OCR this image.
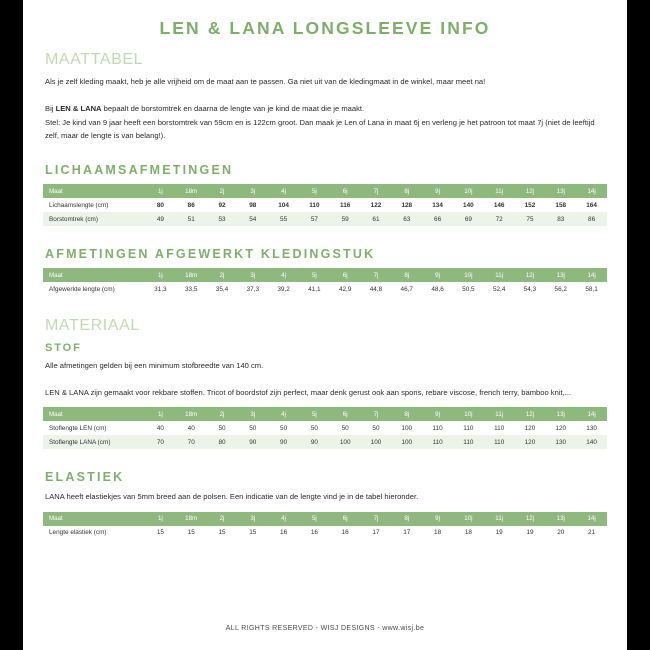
LEN & LANA LONGSLEEVE INFO
MAATTABEL

Als je zelf kleding maakt, heb je alle vrijheid om de maat aan te passen. Ga niet uit van de kledingmaat in de winkel, maar meet na!

Bij LEN & LANA bepaalt de borstomtrek en daarna de lengte van je kind de maat die je maakt.

Stel: Je kind van 9 jaar heeft een borstomtrek van 59cm en is 122cm groot. Dan maak je Len of Lana in maat 6j en verleng je het patroon tot maat 7j (niet de leeftijd zelf, maar de lengte is van belang!).

LICHAAMSAFMETINGEN
Maat	1j	18m	2j	3j	4j	5j	6j	7j	8j	9j	10j	11j	12j	13j	14j
Lichaamslengte (cm)	80	86	92	98	104	110	116	122	128	134	140	146	152	158	164
Borstomtrek (cm)	49	51	53	54	55	57	59	61	63	66	69	72	75	83	86
AFMETINGEN AFGEWERKT KLEDINGSTUK
Maat	1j	18m	2j	3j	4j	5j	6j	7j	8j	9j	10j	11j	12j	13j	14j
Afgewerkte lengte (cm)	31,3	33,5	35,4	37,3	39,2	41,1	42,9	44,8	46,7	48,6	50,5	52,4	54,3	56,2	58,1
MATERIAAL
STOF

Alle afmetingen gelden bij een minimum stofbreedte van 140 cm.

LEN & LANA zijn gemaakt voor rekbare stoffen. Tricot of boordstof zijn perfect, maar denk gerust ook aan spons, rebare viscose, french terry, bamboo knit,...

Maat	1j	18m	2j	3j	4j	5j	6j	7j	8j	9j	10j	11j	12j	13j	14j
Stoflengte LEN (cm)	40	40	50	50	50	50	50	50	100	110	110	110	120	120	130
Stoflengte LANA (cm)	70	70	80	90	90	90	100	100	100	110	110	110	120	130	140
ELASTIEK

LANA heeft elastiekjes van 5mm breed aan de polsen. Een indicatie van de lengte vind je in de tabel hieronder.

Maat	1j	18m	2j	3j	4j	5j	6j	7j	8j	9j	10j	11j	12j	13j	14j
Lengte elastiek (cm)	15	15	15	15	16	16	16	17	17	18	18	19	19	20	21
ALL RIGHTS RESERVED - WISJ DESIGNS - www.wisj.be
